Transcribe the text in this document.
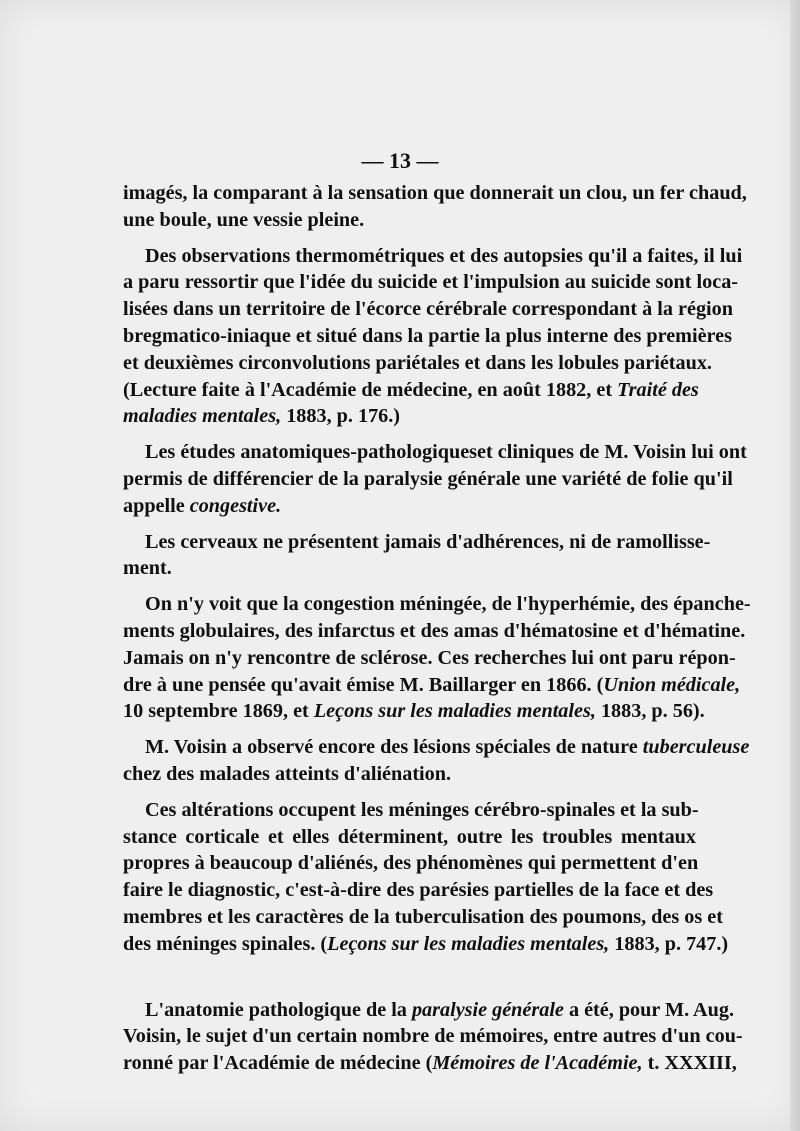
— 13 —
imagés, la comparant à la sensation que donnerait un clou, un fer chaud,
une boule, une vessie pleine.
Des observations thermométriques et des autopsies qu'il a faites, il lui
a paru ressortir que l'idée du suicide et l'impulsion au suicide sont loca-
lisées dans un territoire de l'écorce cérébrale correspondant à la région
bregmatico-iniaque et situé dans la partie la plus interne des premières
et deuxièmes circonvolutions pariétales et dans les lobules pariétaux.
(Lecture faite à l'Académie de médecine, en août 1882, et Traité des
maladies mentales, 1883, p. 176.)
Les études anatomiques-pathologiqueset cliniques de M. Voisin lui ont
permis de différencier de la paralysie générale une variété de folie qu'il
appelle congestive.
Les cerveaux ne présentent jamais d'adhérences, ni de ramollisse-
ment.
On n'y voit que la congestion méningée, de l'hyperhémie, des épanche-
ments globulaires, des infarctus et des amas d'hématosine et d'hématine.
Jamais on n'y rencontre de sclérose. Ces recherches lui ont paru répon-
dre à une pensée qu'avait émise M. Baillarger en 1866. (Union médicale,
10 septembre 1869, et Leçons sur les maladies mentales, 1883, p. 56).
M. Voisin a observé encore des lésions spéciales de nature tuberculeuse
chez des malades atteints d'aliénation.
Ces altérations occupent les méninges cérébro-spinales et la sub-
stance corticale et elles déterminent, outre les troubles mentaux
propres à beaucoup d'aliénés, des phénomènes qui permettent d'en
faire le diagnostic, c'est-à-dire des parésies partielles de la face et des
membres et les caractères de la tuberculisation des poumons, des os et
des méninges spinales. (Leçons sur les maladies mentales, 1883, p. 747.)
L'anatomie pathologique de la paralysie générale a été, pour M. Aug.
Voisin, le sujet d'un certain nombre de mémoires, entre autres d'un cou-
ronné par l'Académie de médecine (Mémoires de l'Académie, t. XXXIII,
